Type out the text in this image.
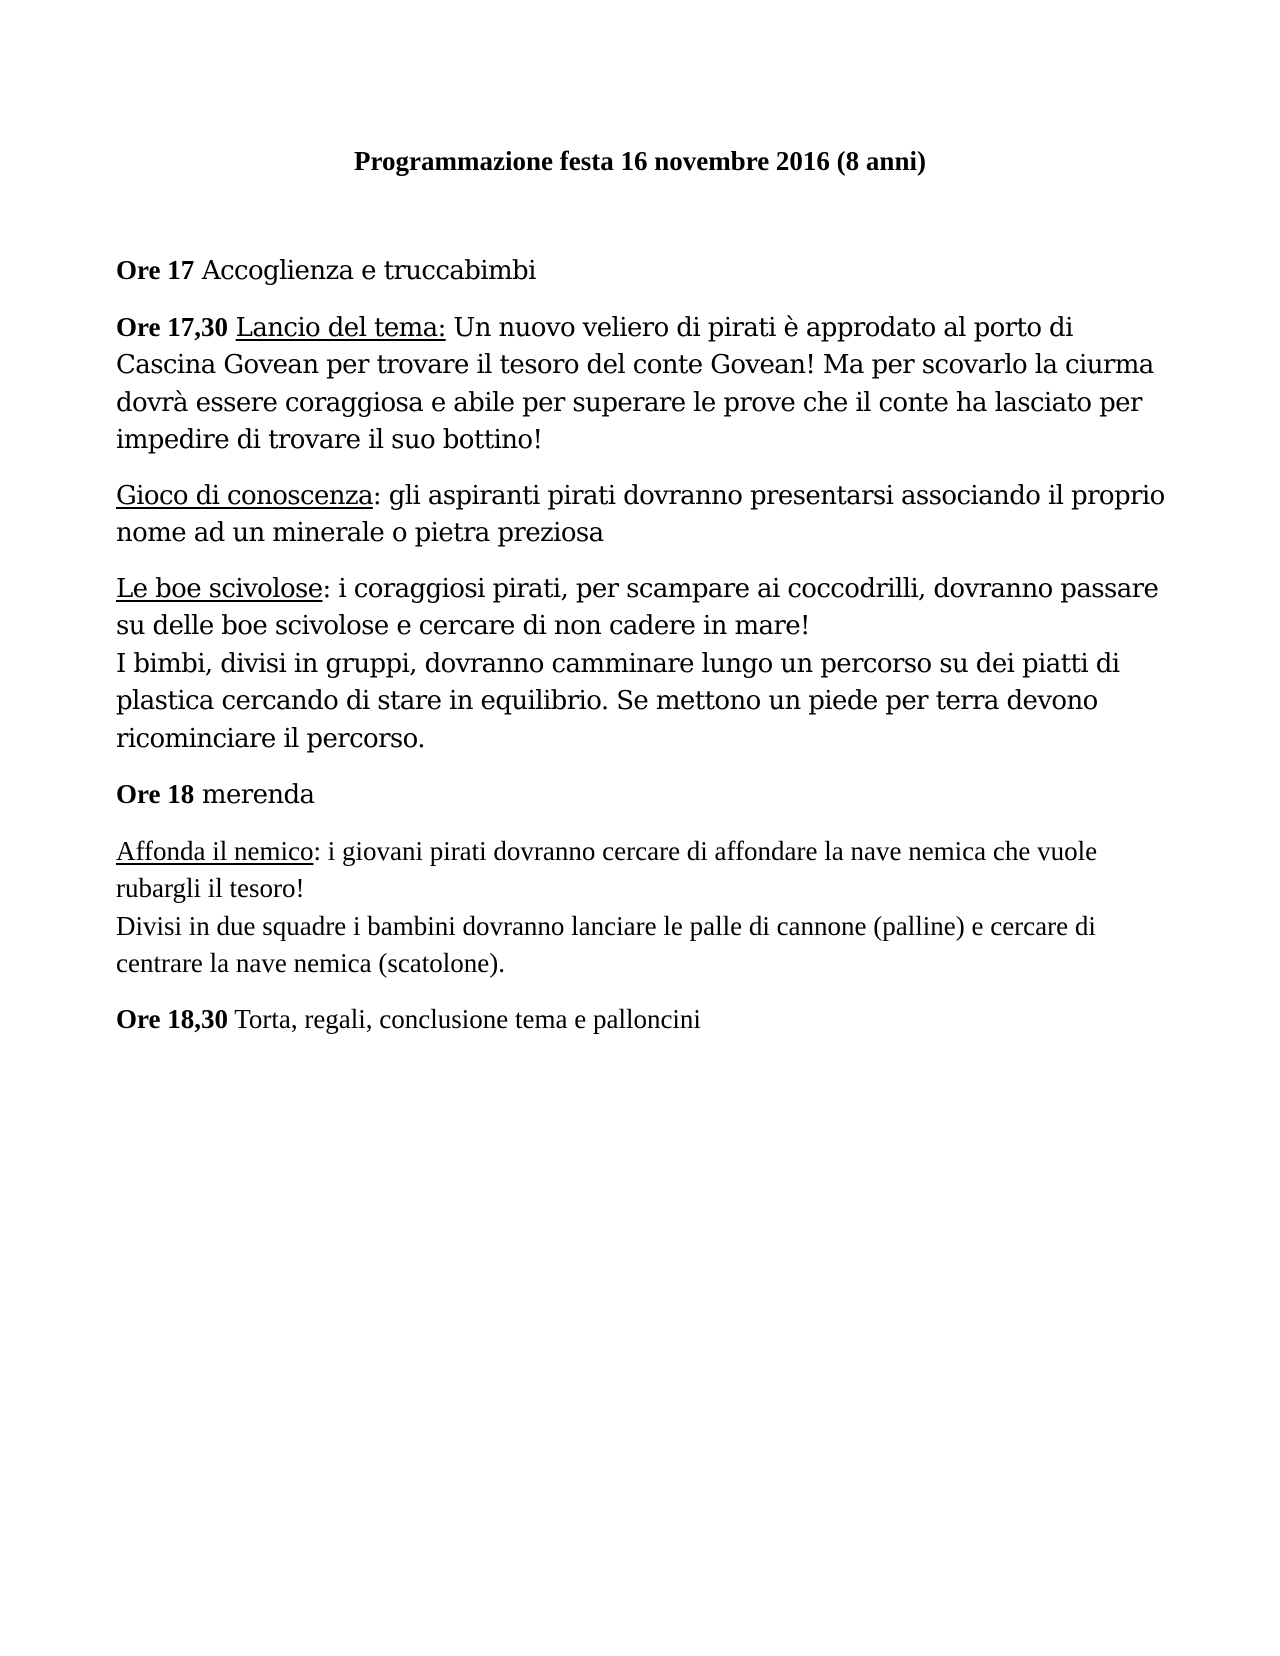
Programmazione festa 16 novembre 2016 (8 anni)

Ore 17 Accoglienza e truccabimbi

Ore 17,30 Lancio del tema: Un nuovo veliero di pirati è approdato al porto di Cascina Govean per trovare il tesoro del conte Govean! Ma per scovarlo la ciurma dovrà essere coraggiosa e abile per superare le prove che il conte ha lasciato per impedire di trovare il suo bottino!

Gioco di conoscenza: gli aspiranti pirati dovranno presentarsi associando il proprio nome ad un minerale o pietra preziosa

Le boe scivolose: i coraggiosi pirati, per scampare ai coccodrilli, dovranno passare su delle boe scivolose e cercare di non cadere in mare!
I bimbi, divisi in gruppi, dovranno camminare lungo un percorso su dei piatti di plastica cercando di stare in equilibrio. Se mettono un piede per terra devono ricominciare il percorso.

Ore 18 merenda

Affonda il nemico: i giovani pirati dovranno cercare di affondare la nave nemica che vuole rubargli il tesoro!
Divisi in due squadre i bambini dovranno lanciare le palle di cannone (palline) e cercare di centrare la nave nemica (scatolone).

Ore 18,30 Torta, regali, conclusione tema e palloncini
